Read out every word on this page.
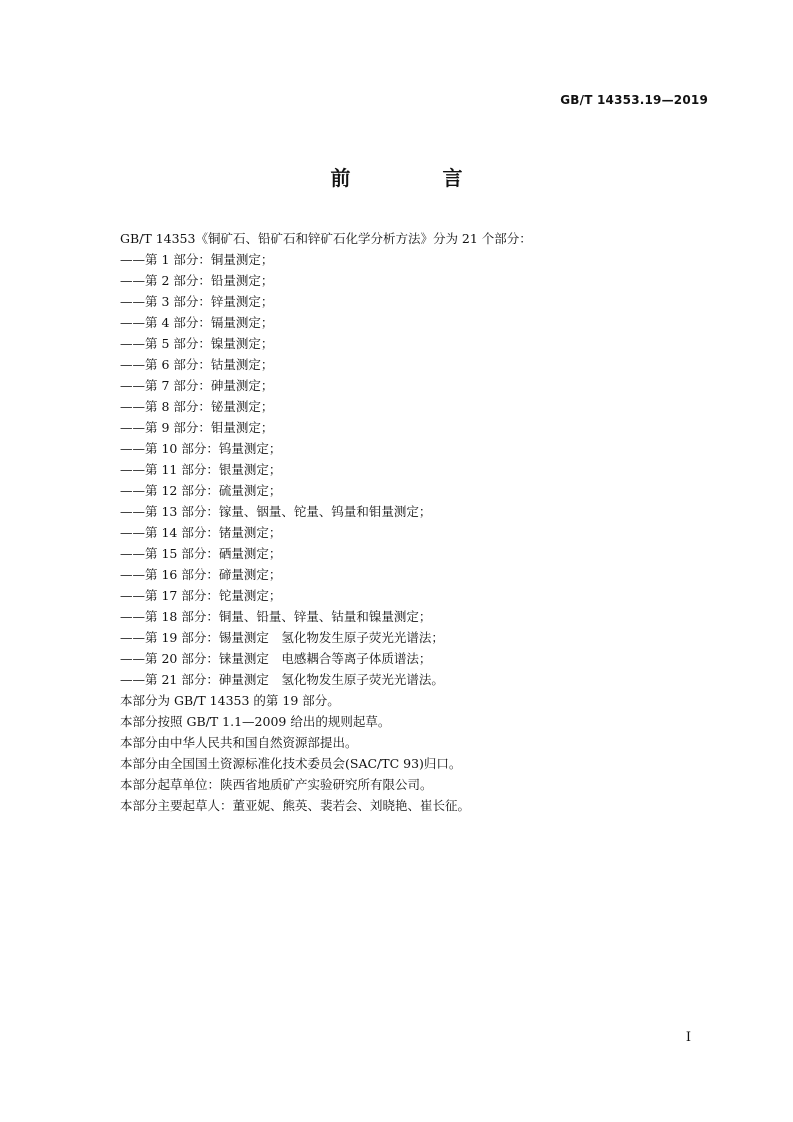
GB/T 14353.19—2019
前　言
GB/T 14353《铜矿石、铅矿石和锌矿石化学分析方法》分为 21 个部分：
——第 1 部分：铜量测定；
——第 2 部分：铅量测定；
——第 3 部分：锌量测定；
——第 4 部分：镉量测定；
——第 5 部分：镍量测定；
——第 6 部分：钴量测定；
——第 7 部分：砷量测定；
——第 8 部分：铋量测定；
——第 9 部分：钼量测定；
——第 10 部分：钨量测定；
——第 11 部分：银量测定；
——第 12 部分：硫量测定；
——第 13 部分：镓量、铟量、铊量、钨量和钼量测定；
——第 14 部分：锗量测定；
——第 15 部分：硒量测定；
——第 16 部分：碲量测定；
——第 17 部分：铊量测定；
——第 18 部分：铜量、铅量、锌量、钴量和镍量测定；
——第 19 部分：锡量测定　氢化物发生原子荧光光谱法；
——第 20 部分：铼量测定　电感耦合等离子体质谱法；
——第 21 部分：砷量测定　氢化物发生原子荧光光谱法。
本部分为 GB/T 14353 的第 19 部分。
本部分按照 GB/T 1.1—2009 给出的规则起草。
本部分由中华人民共和国自然资源部提出。
本部分由全国国土资源标准化技术委员会(SAC/TC 93)归口。
本部分起草单位：陕西省地质矿产实验研究所有限公司。
本部分主要起草人：董亚妮、熊英、裴若会、刘晓艳、崔长征。
I
